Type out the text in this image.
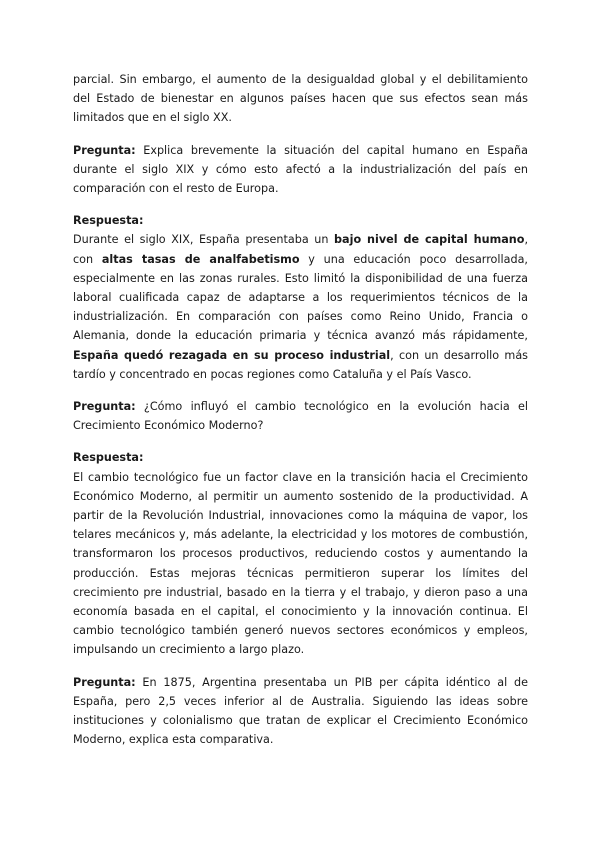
parcial. Sin embargo, el aumento de la desigualdad global y el debilitamiento del Estado de bienestar en algunos países hacen que sus efectos sean más limitados que en el siglo XX.

Pregunta: Explica brevemente la situación del capital humano en España durante el siglo XIX y cómo esto afectó a la industrialización del país en comparación con el resto de Europa.

Respuesta:

Durante el siglo XIX, España presentaba un bajo nivel de capital humano, con altas tasas de analfabetismo y una educación poco desarrollada, especialmente en las zonas rurales. Esto limitó la disponibilidad de una fuerza laboral cualificada capaz de adaptarse a los requerimientos técnicos de la industrialización. En comparación con países como Reino Unido, Francia o Alemania, donde la educación primaria y técnica avanzó más rápidamente, España quedó rezagada en su proceso industrial, con un desarrollo más tardío y concentrado en pocas regiones como Cataluña y el País Vasco.

Pregunta: ¿Cómo influyó el cambio tecnológico en la evolución hacia el Crecimiento Económico Moderno?

Respuesta:

El cambio tecnológico fue un factor clave en la transición hacia el Crecimiento Económico Moderno, al permitir un aumento sostenido de la productividad. A partir de la Revolución Industrial, innovaciones como la máquina de vapor, los telares mecánicos y, más adelante, la electricidad y los motores de combustión, transformaron los procesos productivos, reduciendo costos y aumentando la producción. Estas mejoras técnicas permitieron superar los límites del crecimiento pre industrial, basado en la tierra y el trabajo, y dieron paso a una economía basada en el capital, el conocimiento y la innovación continua. El cambio tecnológico también generó nuevos sectores económicos y empleos, impulsando un crecimiento a largo plazo.

Pregunta: En 1875, Argentina presentaba un PIB per cápita idéntico al de España, pero 2,5 veces inferior al de Australia. Siguiendo las ideas sobre instituciones y colonialismo que tratan de explicar el Crecimiento Económico Moderno, explica esta comparativa.
